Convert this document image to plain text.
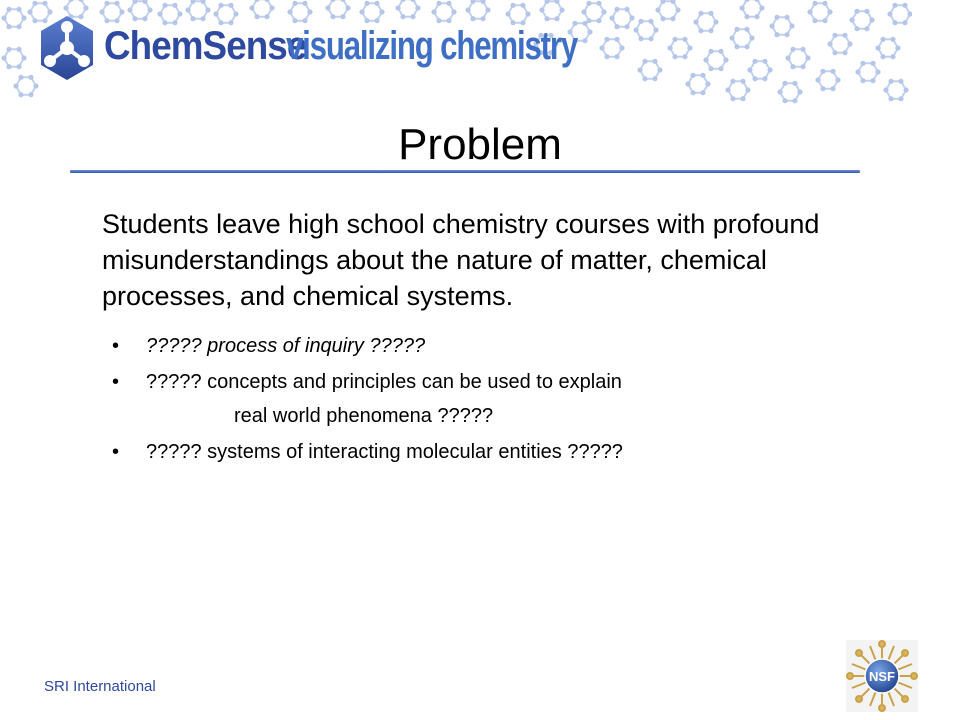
ChemSense
visualizing chemistry
Problem
Students leave high school chemistry courses with profound misunderstandings about the nature of matter, chemical processes, and chemical systems.
• ????? process of inquiry ?????
• ????? concepts and principles can be used to explain
real world phenomena ?????
• ????? systems of interacting molecular entities ?????
SRI International
NSF
